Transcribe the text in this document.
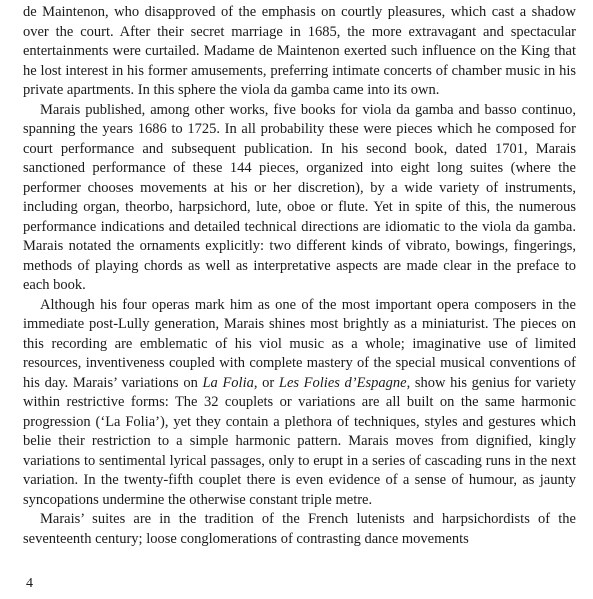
de Maintenon, who disapproved of the emphasis on courtly pleasures, which cast a shadow over the court. After their secret marriage in 1685, the more extravagant and spectacular entertainments were curtailed. Madame de Maintenon exerted such influence on the King that he lost interest in his former amusements, preferring intimate concerts of chamber music in his private apartments. In this sphere the viola da gamba came into its own.

Marais published, among other works, five books for viola da gamba and basso continuo, spanning the years 1686 to 1725. In all probability these were pieces which he composed for court performance and subsequent publication. In his second book, dated 1701, Marais sanctioned performance of these 144 pieces, organized into eight long suites (where the performer chooses movements at his or her discretion), by a wide variety of instruments, including organ, theorbo, harpsichord, lute, oboe or flute. Yet in spite of this, the numerous performance indications and detailed technical directions are idiomatic to the viola da gamba. Marais notated the ornaments explicitly: two different kinds of vibrato, bowings, fingerings, methods of playing chords as well as interpretative aspects are made clear in the preface to each book.

Although his four operas mark him as one of the most important opera composers in the immediate post-Lully generation, Marais shines most brightly as a miniaturist. The pieces on this recording are emblematic of his viol music as a whole; imaginative use of limited resources, inventiveness coupled with complete mastery of the special musical conventions of his day. Marais’ variations on La Folia, or Les Folies d’Espagne, show his genius for variety within restrictive forms: The 32 couplets or variations are all built on the same harmonic progression (‘La Folia’), yet they contain a plethora of techniques, styles and gestures which belie their restriction to a simple harmonic pattern. Marais moves from dignified, kingly variations to sentimental lyrical passages, only to erupt in a series of cascading runs in the next variation. In the twenty-fifth couplet there is even evidence of a sense of humour, as jaunty syncopations undermine the otherwise constant triple metre.

Marais’ suites are in the tradition of the French lutenists and harpsichordists of the seventeenth century; loose conglomerations of contrasting dance movements

4
